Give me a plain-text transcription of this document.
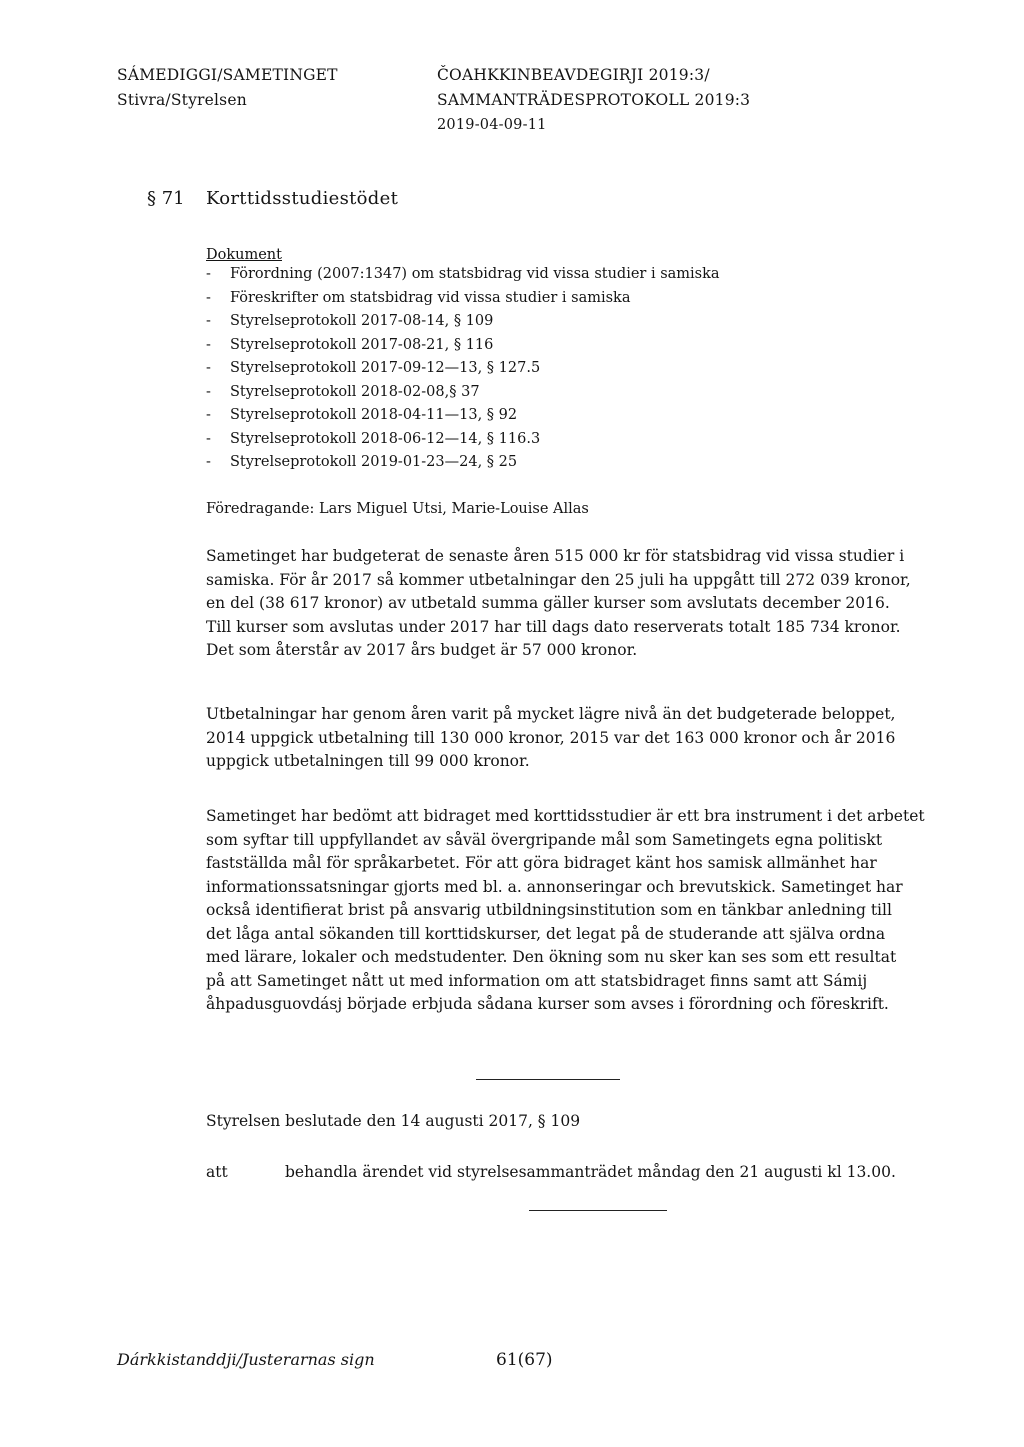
SÁMEDIGGI/SAMETINGET
Stivra/Styrelsen
ČOAHKKINBEAVDEGIRJI 2019:3/
SAMMANTRÄDESPROTOKOLL 2019:3
2019-04-09-11
§ 71 Korttidsstudiestödet
Dokument
- Förordning (2007:1347) om statsbidrag vid vissa studier i samiska
- Föreskrifter om statsbidrag vid vissa studier i samiska
- Styrelseprotokoll 2017-08-14, § 109
- Styrelseprotokoll 2017-08-21, § 116
- Styrelseprotokoll 2017-09-12—13, § 127.5
- Styrelseprotokoll 2018-02-08,§ 37
- Styrelseprotokoll 2018-04-11—13, § 92
- Styrelseprotokoll 2018-06-12—14, § 116.3
- Styrelseprotokoll 2019-01-23—24, § 25
Föredragande: Lars Miguel Utsi, Marie-Louise Allas

Sametinget har budgeterat de senaste åren 515 000 kr för statsbidrag vid vissa studier i
samiska. För år 2017 så kommer utbetalningar den 25 juli ha uppgått till 272 039 kronor,
en del (38 617 kronor) av utbetald summa gäller kurser som avslutats december 2016.
Till kurser som avslutas under 2017 har till dags dato reserverats totalt 185 734 kronor.
Det som återstår av 2017 års budget är 57 000 kronor.

Utbetalningar har genom åren varit på mycket lägre nivå än det budgeterade beloppet,
2014 uppgick utbetalning till 130 000 kronor, 2015 var det 163 000 kronor och år 2016
uppgick utbetalningen till 99 000 kronor.

Sametinget har bedömt att bidraget med korttidsstudier är ett bra instrument i det arbetet
som syftar till uppfyllandet av såväl övergripande mål som Sametingets egna politiskt
fastställda mål för språkarbetet. För att göra bidraget känt hos samisk allmänhet har
informationssatsningar gjorts med bl. a. annonseringar och brevutskick. Sametinget har
också identifierat brist på ansvarig utbildningsinstitution som en tänkbar anledning till
det låga antal sökanden till korttidskurser, det legat på de studerande att själva ordna
med lärare, lokaler och medstudenter. Den ökning som nu sker kan ses som ett resultat
på att Sametinget nått ut med information om att statsbidraget finns samt att Sámij
åhpadusguovdásj började erbjuda sådana kurser som avses i förordning och föreskrift.

Styrelsen beslutade den 14 augusti 2017, § 109
att	behandla ärendet vid styrelsesammanträdet måndag den 21 augusti kl 13.00.
Dárkkistanddji/Justerarnas sign	61(67)
